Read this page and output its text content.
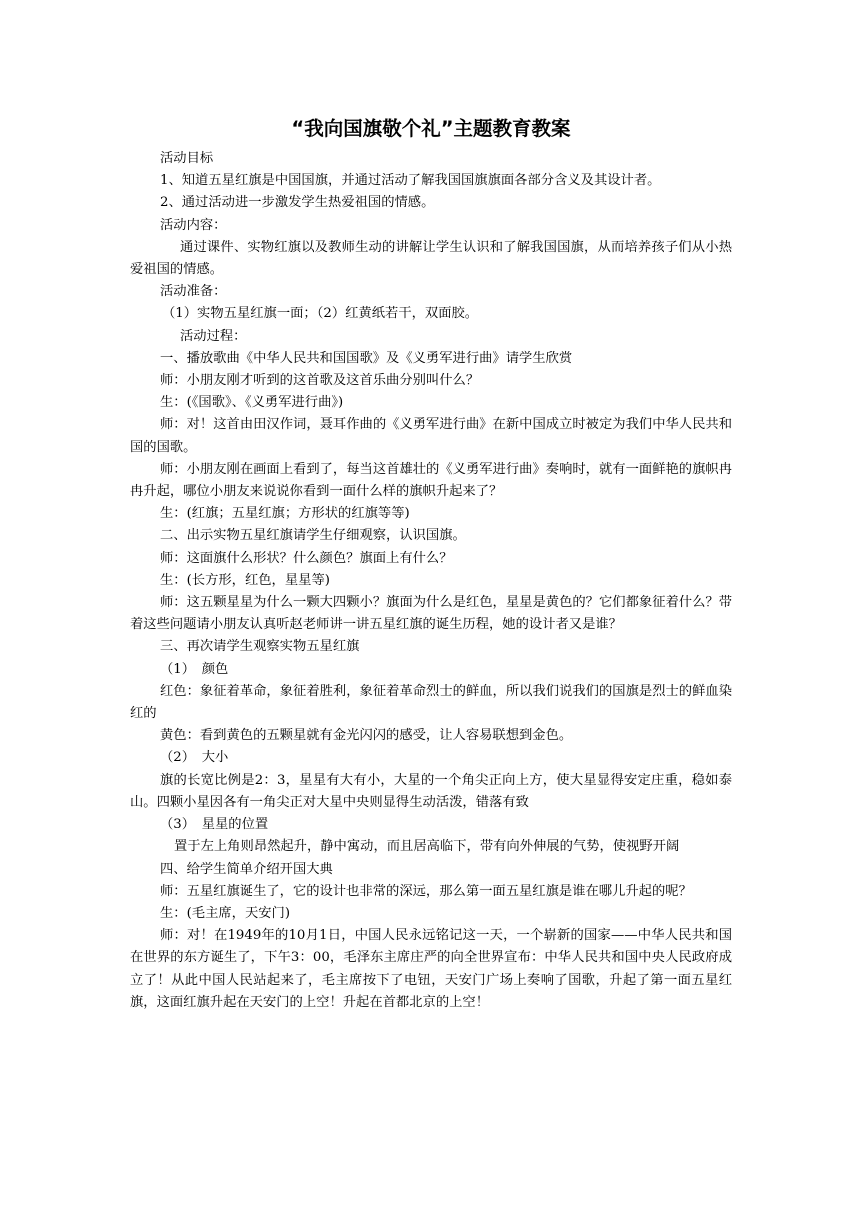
“我向国旗敬个礼”主题教育教案

活动目标

1、知道五星红旗是中国国旗，并通过活动了解我国国旗旗面各部分含义及其设计者。

2、通过活动进一步激发学生热爱祖国的情感。

活动内容：

通过课件、实物红旗以及教师生动的讲解让学生认识和了解我国国旗，从而培养孩子们从小热爱祖国的情感。

活动准备：

（1）实物五星红旗一面；（2）红黄纸若干，双面胶。

活动过程：

一、播放歌曲《中华人民共和国国歌》及《义勇军进行曲》请学生欣赏

师：小朋友刚才听到的这首歌及这首乐曲分别叫什么？

生：(《国歌》、《义勇军进行曲》)

师：对！这首由田汉作词，聂耳作曲的《义勇军进行曲》在新中国成立时被定为我们中华人民共和国的国歌。

师：小朋友刚在画面上看到了，每当这首雄壮的《义勇军进行曲》奏响时，就有一面鲜艳的旗帜冉冉升起，哪位小朋友来说说你看到一面什么样的旗帜升起来了？

生：(红旗；五星红旗；方形状的红旗等等)

二、出示实物五星红旗请学生仔细观察，认识国旗。

师：这面旗什么形状？什么颜色？旗面上有什么？

生：(长方形，红色，星星等)

师：这五颗星星为什么一颗大四颗小？旗面为什么是红色，星星是黄色的？它们都象征着什么？带着这些问题请小朋友认真听赵老师讲一讲五星红旗的诞生历程，她的设计者又是谁？

三、再次请学生观察实物五星红旗

（1）　颜色

红色：象征着革命，象征着胜利，象征着革命烈士的鲜血，所以我们说我们的国旗是烈士的鲜血染红的

黄色：看到黄色的五颗星就有金光闪闪的感受，让人容易联想到金色。

（2）　大小

旗的长宽比例是2：3，星星有大有小，大星的一个角尖正向上方，使大星显得安定庄重，稳如泰山。四颗小星因各有一角尖正对大星中央则显得生动活泼，错落有致

（3）　星星的位置

置于左上角则昂然起升，静中寓动，而且居高临下，带有向外伸展的气势，使视野开阔

四、给学生简单介绍开国大典

师：五星红旗诞生了，它的设计也非常的深远，那么第一面五星红旗是谁在哪儿升起的呢？

生：(毛主席，天安门)

师：对！在1949年的10月1日，中国人民永远铭记这一天，一个崭新的国家——中华人民共和国在世界的东方诞生了，下午3：00，毛泽东主席庄严的向全世界宣布：中华人民共和国中央人民政府成立了！从此中国人民站起来了，毛主席按下了电钮，天安门广场上奏响了国歌，升起了第一面五星红旗，这面红旗升起在天安门的上空！升起在首都北京的上空！
